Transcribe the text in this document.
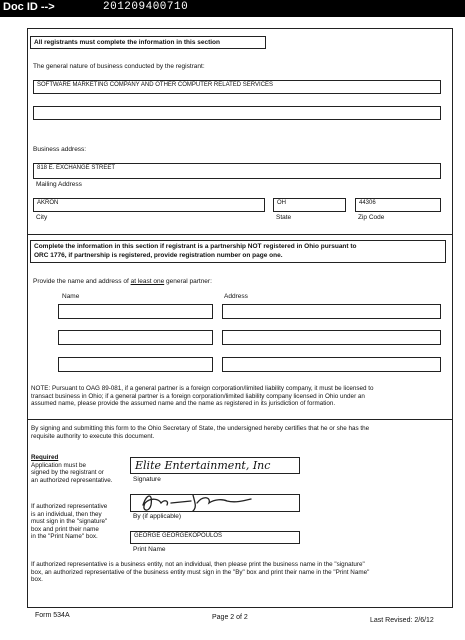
Doc ID -->	201209400710
All registrants must complete the information in this section
The general nature of business conducted by the registrant:
SOFTWARE MARKETING COMPANY AND OTHER COMPUTER RELATED SERVICES
Business address:
818 E. EXCHANGE STREET
Mailing Address
AKRON
City
OH
State
44306
Zip Code
Complete the information in this section if registrant is a partnership NOT registered in Ohio pursuant to
ORC 1776, if partnership is registered, provide registration number on page one.
Provide the name and address of at least one general partner:
Name	Address
NOTE: Pursuant to OAG 89-081, if a general partner is a foreign corporation/limited liability company, it must be licensed to
transact business in Ohio; if a general partner is a foreign corporation/limited liability company licensed in Ohio under an
assumed name, please provide the assumed name and the name as registered in its jurisdiction of formation.
By signing and submitting this form to the Ohio Secretary of State, the undersigned hereby certifies that he or she has the
requisite authority to execute this document.
Required
Application must be
signed by the registrant or
an authorized representative.
Elite Entertainment, Inc
Signature
If authorized representative
is an individual, then they
must sign in the "signature"
box and print their name
in the "Print Name" box.
By (if applicable)
GEORGE GEORGEKOPOULOS
Print Name
If authorized representative is a business entity, not an individual, then please print the business name in the "signature"
box, an authorized representative of the business entity must sign in the "By" box and print their name in the "Print Name"
box.
Form 534A	Page 2 of 2	Last Revised: 2/6/12
